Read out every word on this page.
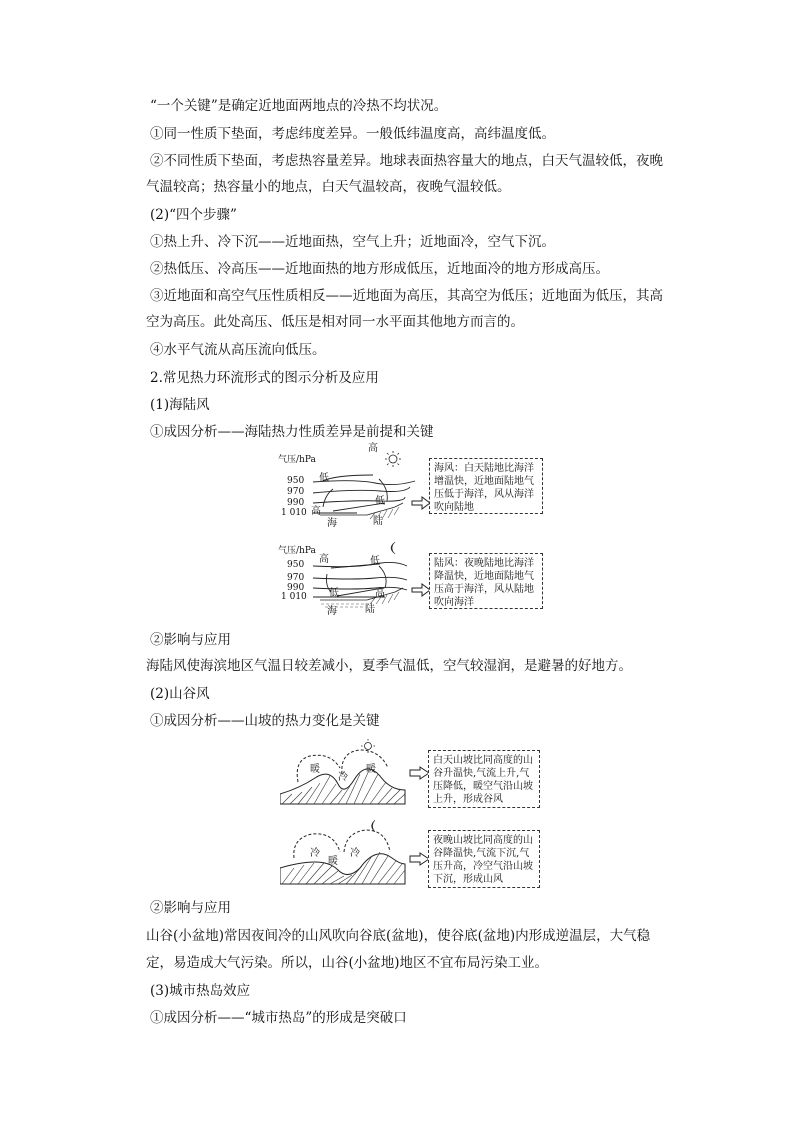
“一个关键”是确定近地面两地点的冷热不均状况。
①同一性质下垫面，考虑纬度差异。一般低纬温度高，高纬温度低。
②不同性质下垫面，考虑热容量差异。地球表面热容量大的地点，白天气温较低，夜晚
气温较高；热容量小的地点，白天气温较高，夜晚气温较低。
(2)“四个步骤”
①热上升、冷下沉——近地面热，空气上升；近地面冷，空气下沉。
②热低压、冷高压——近地面热的地方形成低压，近地面冷的地方形成高压。
③近地面和高空气压性质相反——近地面为高压，其高空为低压；近地面为低压，其高
空为高压。此处高压、低压是相对同一水平面其他地方而言的。
④水平气流从高压流向低压。
2.常见热力环流形式的图示分析及应用
(1)海陆风
①成因分析——海陆热力性质差异是前提和关键
气压/hPa
950
970
990
1 010
高
低
低
高
海	陆
海风：白天陆地比海洋增温快，近地面陆地气压低于海洋，风从海洋吹向陆地
气压/hPa
950
970
990
1 010
高	低
低	高
海	陆
陆风：夜晚陆地比海洋降温快，近地面陆地气压高于海洋，风从陆地吹向海洋
②影响与应用
海陆风使海滨地区气温日较差减小，夏季气温低，空气较湿润，是避暑的好地方。
(2)山谷风
①成因分析——山坡的热力变化是关键
暖
冷
暖
白天山坡比同高度的山谷升温快,气流上升,气压降低，暖空气沿山坡上升，形成谷风
冷
暖
冷
夜晚山坡比同高度的山谷降温快,气流下沉,气压升高，冷空气沿山坡下沉，形成山风
②影响与应用
山谷(小盆地)常因夜间冷的山风吹向谷底(盆地)，使谷底(盆地)内形成逆温层，大气稳
定，易造成大气污染。所以，山谷(小盆地)地区不宜布局污染工业。
(3)城市热岛效应
①成因分析——“城市热岛”的形成是突破口
